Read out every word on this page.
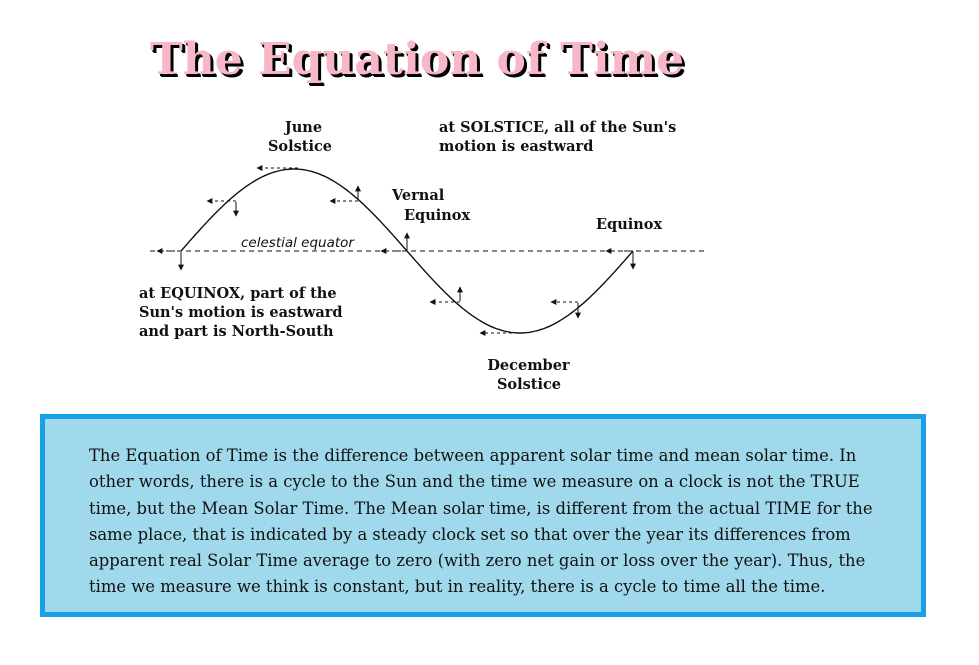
The Equation of Time
celestial equator
June Solstice
at SOLSTICE, all of the Sun's motion is eastward
Vernal Equinox
Equinox
at EQUINOX, part of the Sun's motion is eastward and part is North-South
December Solstice

The Equation of Time is the difference between apparent solar time and mean solar time. In other words, there is a cycle to the Sun and the time we measure on a clock is not the TRUE time, but the Mean Solar Time. The Mean solar time, is different from the actual TIME for the same place, that is indicated by a steady clock set so that over the year its differences from apparent real Solar Time average to zero (with zero net gain or loss over the year). Thus, the time we measure we think is constant, but in reality, there is a cycle to time all the time.
